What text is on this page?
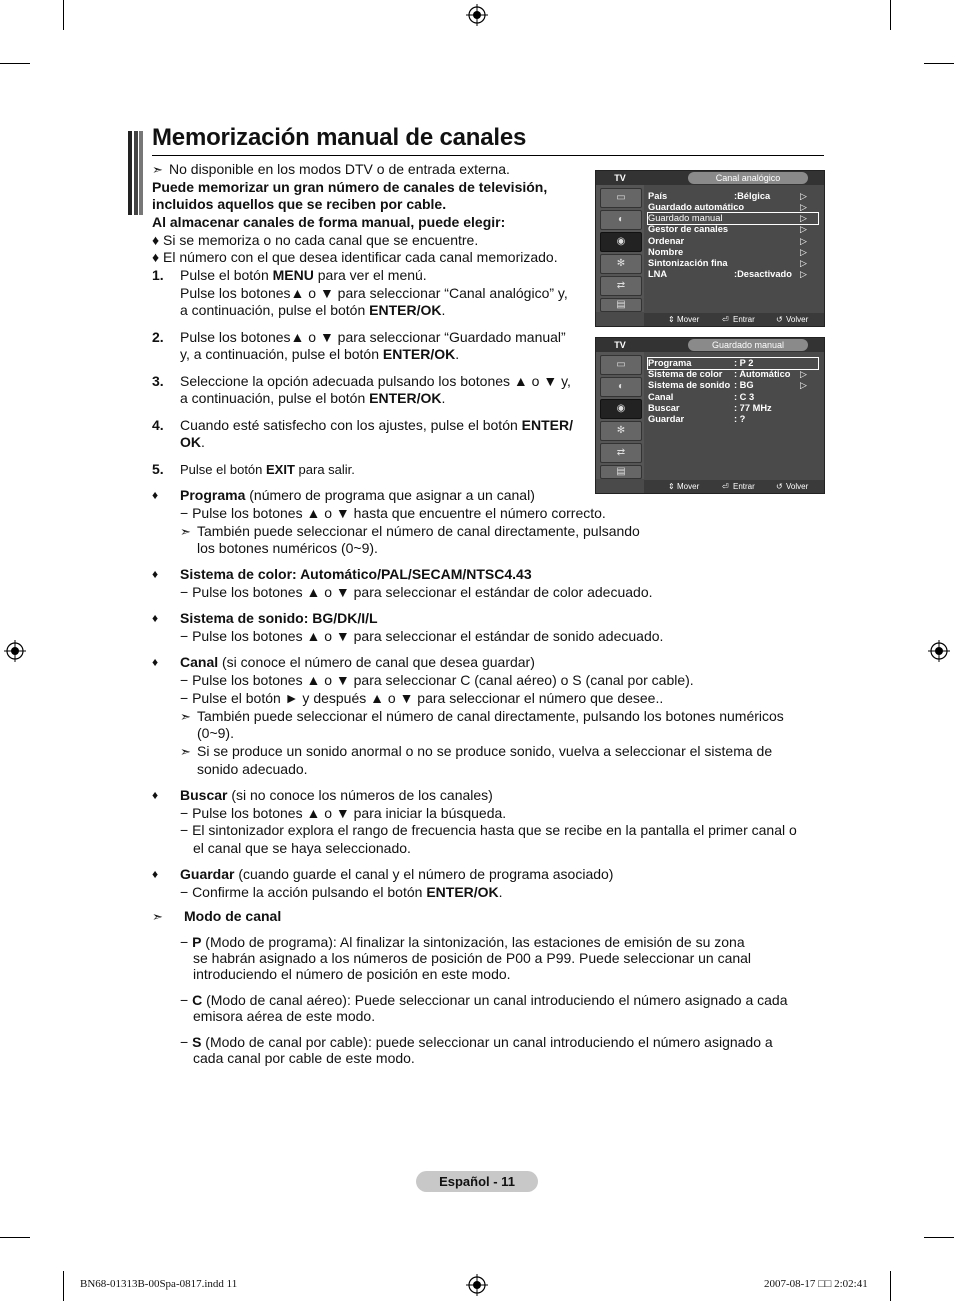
Memorización manual de canales
➣ No disponible en los modos DTV o de entrada externa.
Puede memorizar un gran número de canales de televisión,
incluidos aquellos que se reciben por cable.
Al almacenar canales de forma manual, puede elegir:
♦ Si se memoriza o no cada canal que se encuentre.
♦ El número con el que desea identificar cada canal memorizado.
1. Pulse el botón MENU para ver el menú.
Pulse los botones▲ o ▼ para seleccionar “Canal analógico” y,
a continuación, pulse el botón ENTER/OK.
2. Pulse los botones▲ o ▼ para seleccionar “Guardado manual”
y, a continuación, pulse el botón ENTER/OK.
3. Seleccione la opción adecuada pulsando los botones ▲ o ▼ y,
a continuación, pulse el botón ENTER/OK.
4. Cuando esté satisfecho con los ajustes, pulse el botón ENTER/
OK.
5. Pulse el botón EXIT para salir.
TV	Canal analógico
▭
◐
◉
✻
⇄
▤
País	:Bélgica	▷
Guardado automático	▷
Guardado manual	▷
Gestor de canales	▷
Ordenar	▷
Nombre	▷
Sintonización fina	▷
LNA	:Desactivado ▷
⇕ Mover	⏎ Entrar	↺ Volver
TV	Guardado manual
▭
◐
◉
✻
⇄
▤
Programa	: P 2
Sistema de color : Automático ▷
Sistema de sonido : BG	▷
Canal	: C 3
Buscar	: 77 MHz
Guardar	: ?
⇕ Mover	⏎ Entrar	↺ Volver
♦ Programa (número de programa que asignar a un canal)
− Pulse los botones ▲ o ▼ hasta que encuentre el número correcto.
➣ También puede seleccionar el número de canal directamente, pulsando
los botones numéricos (0~9).
♦ Sistema de color: Automático/PAL/SECAM/NTSC4.43
− Pulse los botones ▲ o ▼ para seleccionar el estándar de color adecuado.
♦ Sistema de sonido: BG/DK/I/L
− Pulse los botones ▲ o ▼ para seleccionar el estándar de sonido adecuado.
♦ Canal (si conoce el número de canal que desea guardar)
− Pulse los botones ▲ o ▼ para seleccionar C (canal aéreo) o S (canal por cable).
− Pulse el botón ► y después ▲ o ▼ para seleccionar el número que desee..
➣ También puede seleccionar el número de canal directamente, pulsando los botones numéricos
(0~9).
➣ Si se produce un sonido anormal o no se produce sonido, vuelva a seleccionar el sistema de
sonido adecuado.
♦ Buscar (si no conoce los números de los canales)
− Pulse los botones ▲ o ▼ para iniciar la búsqueda.
− El sintonizador explora el rango de frecuencia hasta que se recibe en la pantalla el primer canal o
el canal que se haya seleccionado.
♦ Guardar (cuando guarde el canal y el número de programa asociado)
− Confirme la acción pulsando el botón ENTER/OK.
➣ Modo de canal
− P (Modo de programa): Al finalizar la sintonización, las estaciones de emisión de su zona
se habrán asignado a los números de posición de P00 a P99. Puede seleccionar un canal
introduciendo el número de posición en este modo.
− C (Modo de canal aéreo): Puede seleccionar un canal introduciendo el número asignado a cada
emisora aérea de este modo.
− S (Modo de canal por cable): puede seleccionar un canal introduciendo el número asignado a
cada canal por cable de este modo.
Español - 11
BN68-01313B-00Spa-0817.indd 11	2007-08-17 □□ 2:02:41
